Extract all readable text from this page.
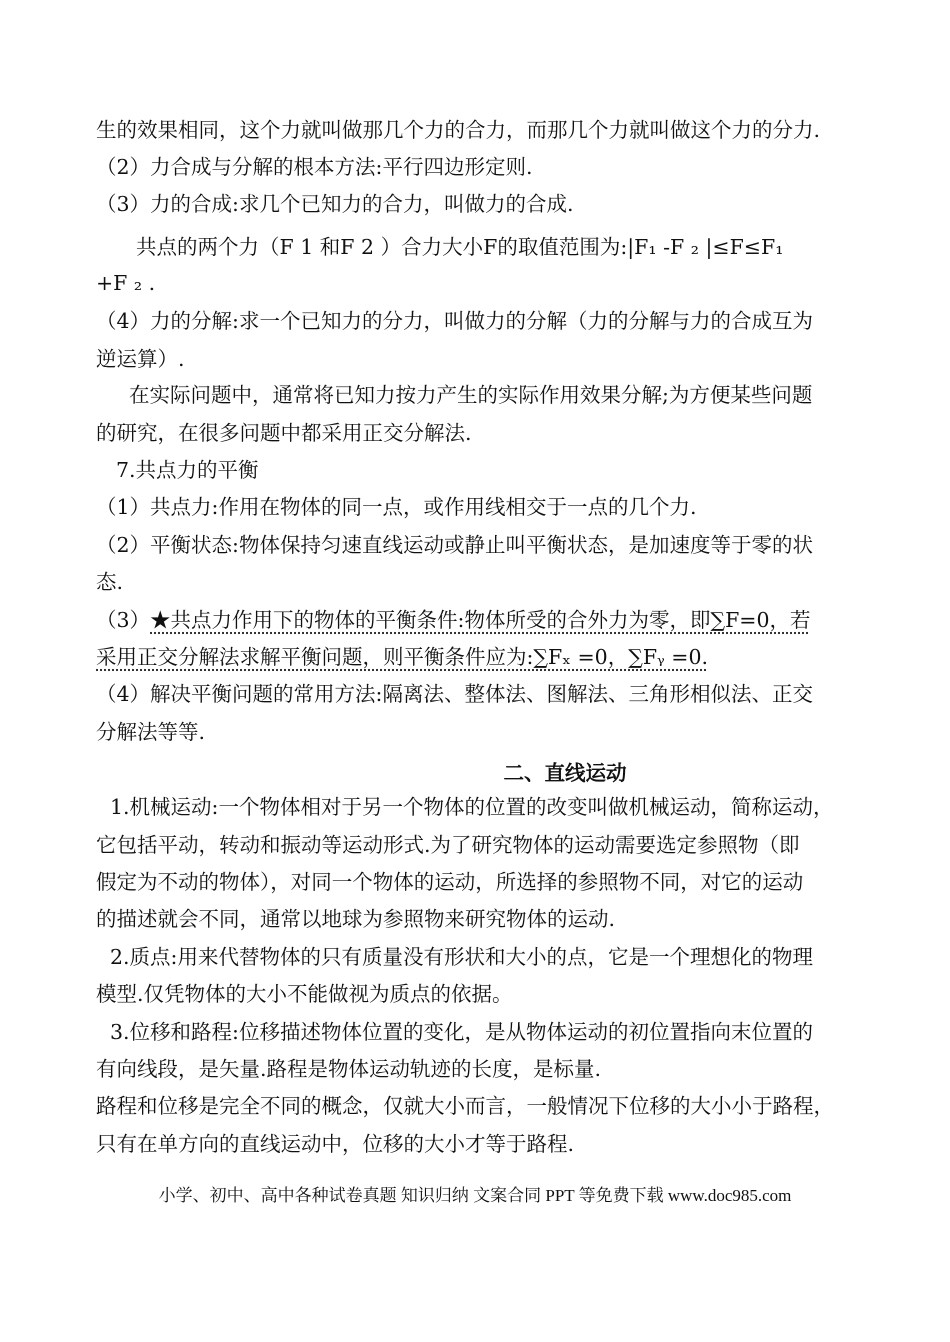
生的效果相同，这个力就叫做那几个力的合力，而那几个力就叫做这个力的分力.
（2）力合成与分解的根本方法:平行四边形定则.
（3）力的合成:求几个已知力的合力，叫做力的合成.
共点的两个力（F 1 和F 2 ）合力大小F的取值范围为:|F₁ -F ₂ |≤F≤F₁
+F ₂ .
（4）力的分解:求一个已知力的分力，叫做力的分解（力的分解与力的合成互为
逆运算）.
在实际问题中，通常将已知力按力产生的实际作用效果分解;为方便某些问题
的研究，在很多问题中都采用正交分解法.
7.共点力的平衡
（1）共点力:作用在物体的同一点，或作用线相交于一点的几个力.
（2）平衡状态:物体保持匀速直线运动或静止叫平衡状态，是加速度等于零的状
态.
（3）★共点力作用下的物体的平衡条件:物体所受的合外力为零，即∑F=0，若
采用正交分解法求解平衡问题，则平衡条件应为:∑Fₓ =0，∑Fᵧ =0.
（4）解决平衡问题的常用方法:隔离法、整体法、图解法、三角形相似法、正交
分解法等等.
二、直线运动
1.机械运动:一个物体相对于另一个物体的位置的改变叫做机械运动，简称运动，
它包括平动，转动和振动等运动形式.为了研究物体的运动需要选定参照物（即
假定为不动的物体），对同一个物体的运动，所选择的参照物不同，对它的运动
的描述就会不同，通常以地球为参照物来研究物体的运动.
2.质点:用来代替物体的只有质量没有形状和大小的点，它是一个理想化的物理
模型.仅凭物体的大小不能做视为质点的依据。
3.位移和路程:位移描述物体位置的变化，是从物体运动的初位置指向末位置的
有向线段，是矢量.路程是物体运动轨迹的长度，是标量.
路程和位移是完全不同的概念，仅就大小而言，一般情况下位移的大小小于路程，
只有在单方向的直线运动中，位移的大小才等于路程.
小学、初中、高中各种试卷真题 知识归纳 文案合同 PPT 等免费下载 www.doc985.com
